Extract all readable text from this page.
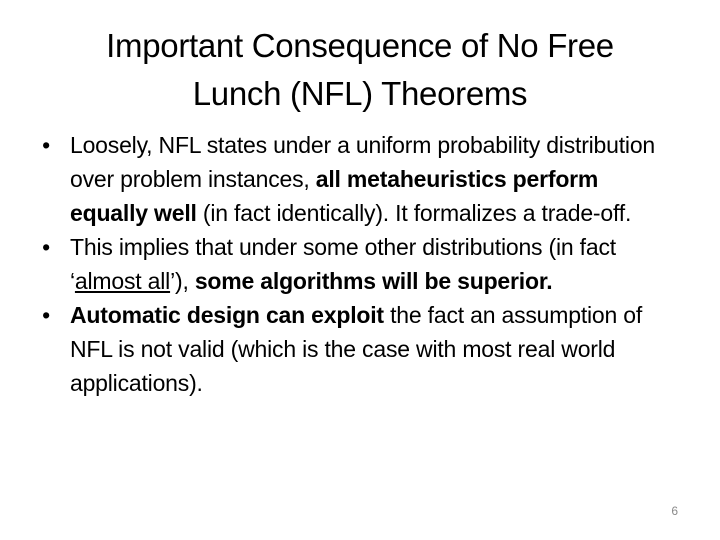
Important Consequence of No Free
Lunch (NFL) Theorems
• Loosely, NFL states under a uniform probability distribution over problem instances, all metaheuristics perform equally well (in fact identically). It formalizes a trade-off.
• This implies that under some other distributions (in fact ‘almost all’), some algorithms will be superior.
• Automatic design can exploit the fact an assumption of NFL is not valid (which is the case with most real world applications).
6
